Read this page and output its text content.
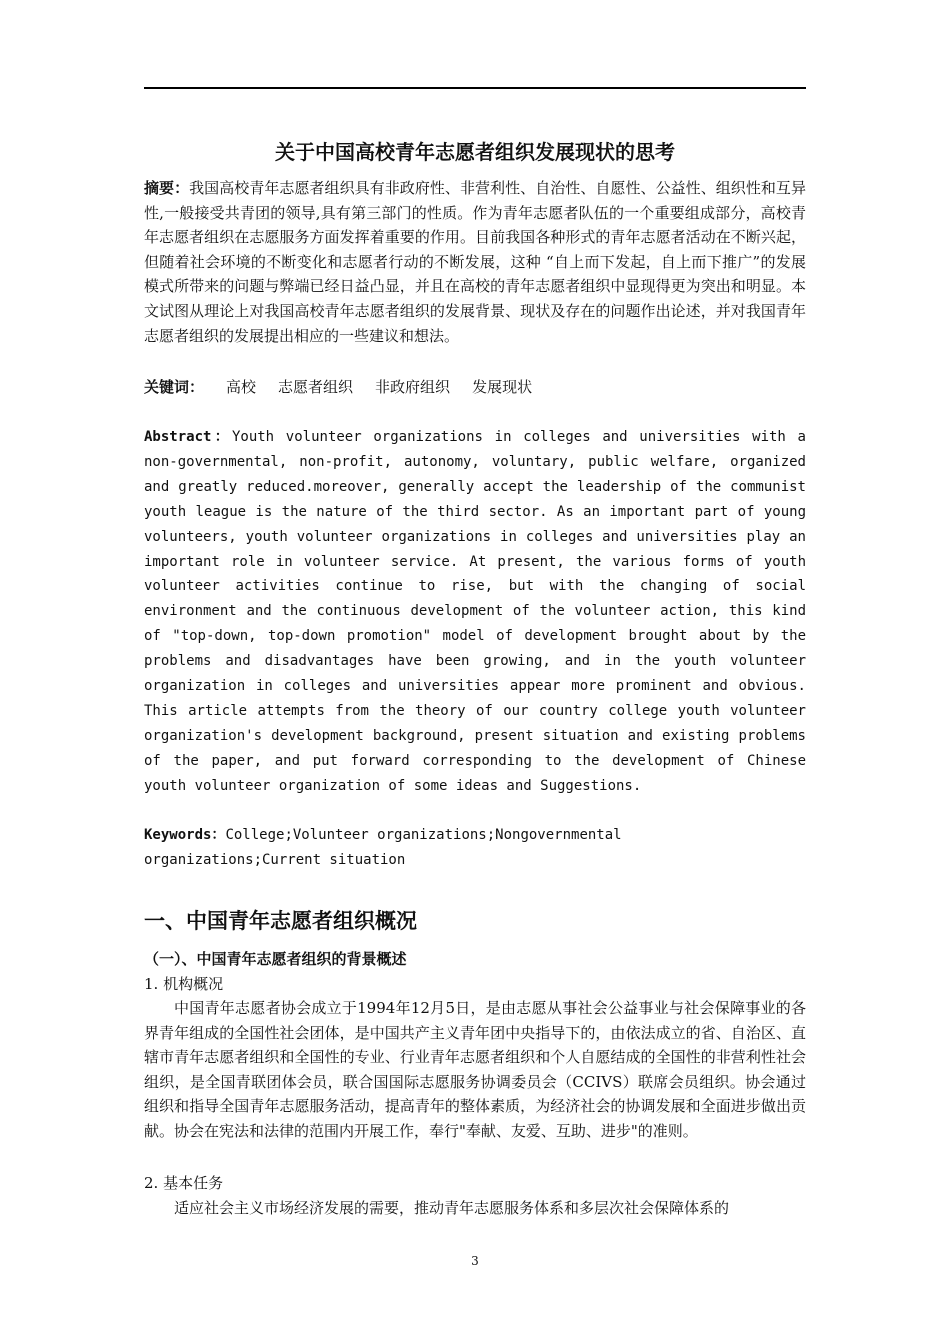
关于中国高校青年志愿者组织发展现状的思考
摘要：我国高校青年志愿者组织具有非政府性、非营利性、自治性、自愿性、公益性、组织性和互异性,一般接受共青团的领导,具有第三部门的性质。作为青年志愿者队伍的一个重要组成部分，高校青年志愿者组织在志愿服务方面发挥着重要的作用。目前我国各种形式的青年志愿者活动在不断兴起，但随着社会环境的不断变化和志愿者行动的不断发展，这种 “自上而下发起，自上而下推广”的发展模式所带来的问题与弊端已经日益凸显，并且在高校的青年志愿者组织中显现得更为突出和明显。本文试图从理论上对我国高校青年志愿者组织的发展背景、现状及存在的问题作出论述，并对我国青年志愿者组织的发展提出相应的一些建议和想法。
关键词： 高校 志愿者组织 非政府组织 发展现状
Abstract：Youth volunteer organizations in colleges and universities with a non-governmental, non-profit, autonomy, voluntary, public welfare, organized and greatly reduced.moreover, generally accept the leadership of the communist youth league is the nature of the third sector. As an important part of young volunteers, youth volunteer organizations in colleges and universities play an important role in volunteer service. At present, the various forms of youth volunteer activities continue to rise, but with the changing of social environment and the continuous development of the volunteer action, this kind of "top-down, top-down promotion" model of development brought about by the problems and disadvantages have been growing, and in the youth volunteer organization in colleges and universities appear more prominent and obvious. This article attempts from the theory of our country college youth volunteer organization's development background, present situation and existing problems of the paper, and put forward corresponding to the development of Chinese youth volunteer organization of some ideas and Suggestions.
Keywords：College;Volunteer organizations;Nongovernmental organizations;Current situation
一、中国青年志愿者组织概况
（一）、中国青年志愿者组织的背景概述
1. 机构概况
中国青年志愿者协会成立于1994年12月5日，是由志愿从事社会公益事业与社会保障事业的各界青年组成的全国性社会团体，是中国共产主义青年团中央指导下的，由依法成立的省、自治区、直辖市青年志愿者组织和全国性的专业、行业青年志愿者组织和个人自愿结成的全国性的非营利性社会组织，是全国青联团体会员，联合国国际志愿服务协调委员会（CCIVS）联席会员组织。协会通过组织和指导全国青年志愿服务活动，提高青年的整体素质，为经济社会的协调发展和全面进步做出贡献。协会在宪法和法律的范围内开展工作，奉行"奉献、友爱、互助、进步"的准则。
2. 基本任务
适应社会主义市场经济发展的需要，推动青年志愿服务体系和多层次社会保障体系的
3
